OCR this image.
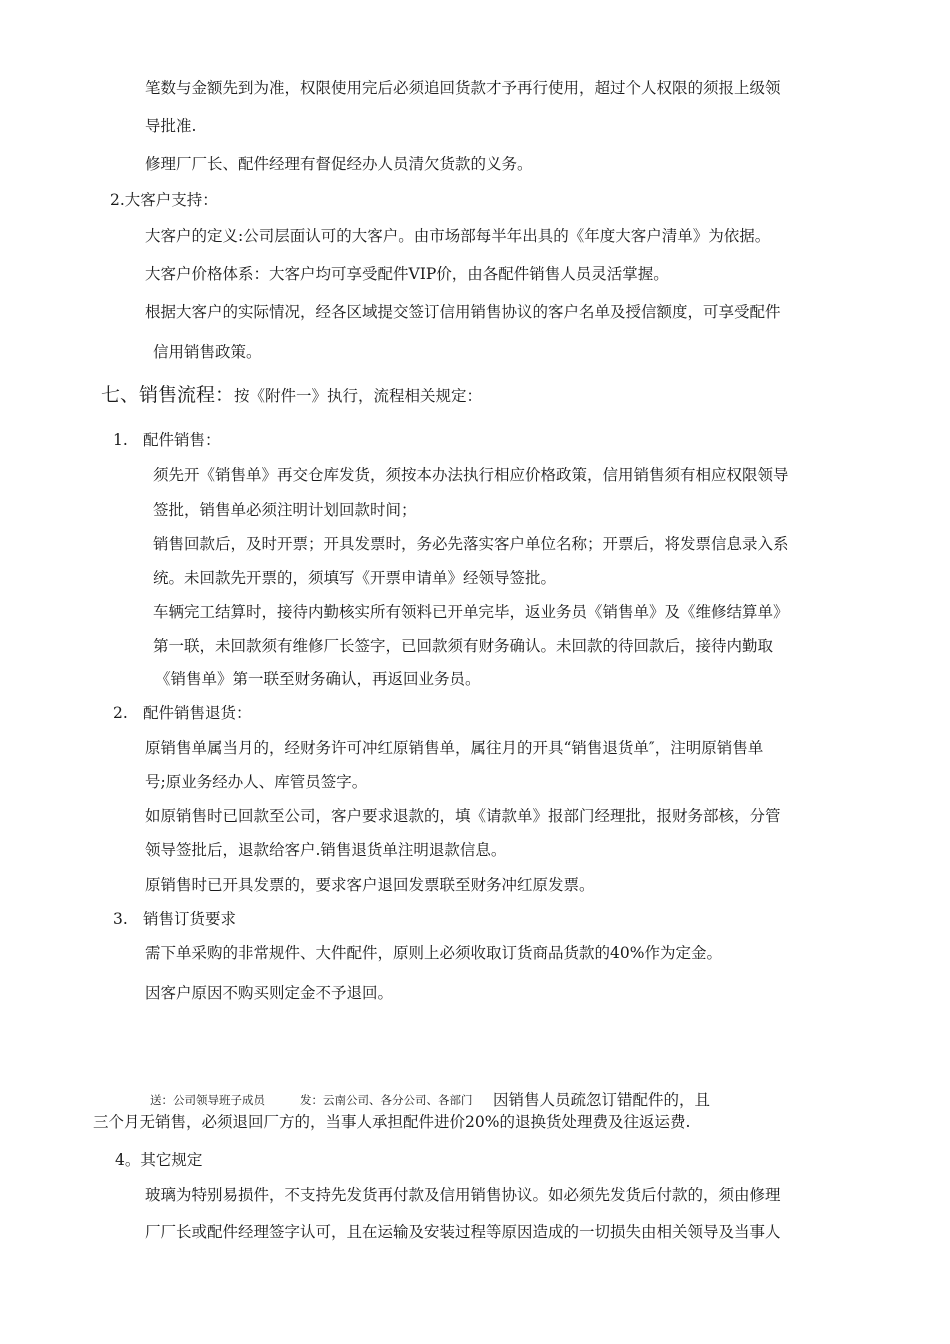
笔数与金额先到为准，权限使用完后必须追回货款才予再行使用，超过个人权限的须报上级领
导批准.
修理厂厂长、配件经理有督促经办人员清欠货款的义务。
2.大客户支持：
大客户的定义:公司层面认可的大客户。由市场部每半年出具的《年度大客户清单》为依据。
大客户价格体系：大客户均可享受配件VIP价，由各配件销售人员灵活掌握。
根据大客户的实际情况，经各区域提交签订信用销售协议的客户名单及授信额度，可享受配件
信用销售政策。
七、销售流程：按《附件一》执行，流程相关规定：
1. 配件销售：
须先开《销售单》再交仓库发货，须按本办法执行相应价格政策，信用销售须有相应权限领导
签批，销售单必须注明计划回款时间；
销售回款后，及时开票；开具发票时，务必先落实客户单位名称；开票后，将发票信息录入系
统。未回款先开票的，须填写《开票申请单》经领导签批。
车辆完工结算时，接待内勤核实所有领料已开单完毕，返业务员《销售单》及《维修结算单》
第一联，未回款须有维修厂长签字，已回款须有财务确认。未回款的待回款后，接待内勤取
《销售单》第一联至财务确认，再返回业务员。
2. 配件销售退货：
原销售单属当月的，经财务许可冲红原销售单，属往月的开具“销售退货单″，注明原销售单
号;原业务经办人、库管员签字。
如原销售时已回款至公司，客户要求退款的，填《请款单》报部门经理批，报财务部核，分管
领导签批后，退款给客户.销售退货单注明退款信息。
原销售时已开具发票的，要求客户退回发票联至财务冲红原发票。
3. 销售订货要求
需下单采购的非常规件、大件配件，原则上必须收取订货商品货款的40%作为定金。
因客户原因不购买则定金不予退回。
送：公司领导班子成员	发：云南公司、各分公司、各部门 因销售人员疏忽订错配件的，且
三个月无销售，必须退回厂方的，当事人承担配件进价20%的退换货处理费及往返运费.
4。其它规定
玻璃为特别易损件，不支持先发货再付款及信用销售协议。如必须先发货后付款的，须由修理
厂厂长或配件经理签字认可，且在运输及安装过程等原因造成的一切损失由相关领导及当事人
